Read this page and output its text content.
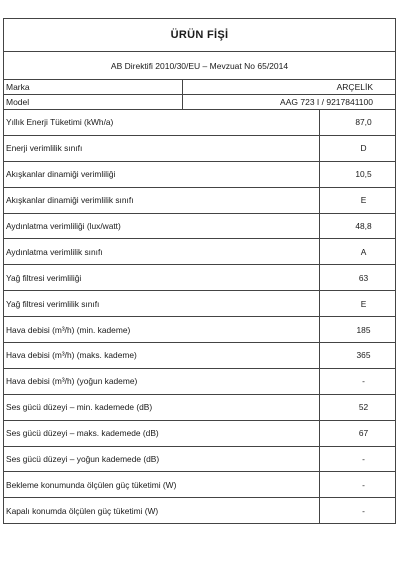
ÜRÜN FİŞİ
AB Direktifi 2010/30/EU – Mevzuat No 65/2014
Marka	ARÇELİK
Model	AAG 723 I / 9217841100
Yıllık Enerji Tüketimi (kWh/a)	87,0
Enerji verimlilik sınıfı	D
Akışkanlar dinamiği verimliliği	10,5
Akışkanlar dinamiği verimlilik sınıfı	E
Aydınlatma verimliliği (lux/watt)	48,8
Aydınlatma verimlilik sınıfı	A
Yağ filtresi verimliliği	63
Yağ filtresi verimlilik sınıfı	E
Hava debisi (m³/h) (min. kademe)	185
Hava debisi (m³/h) (maks. kademe)	365
Hava debisi (m³/h) (yoğun kademe)	-
Ses gücü düzeyi – min. kademede (dB)	52
Ses gücü düzeyi – maks. kademede (dB)	67
Ses gücü düzeyi – yoğun kademede (dB)	-
Bekleme konumunda ölçülen güç tüketimi (W)	-
Kapalı konumda ölçülen güç tüketimi (W)	-
